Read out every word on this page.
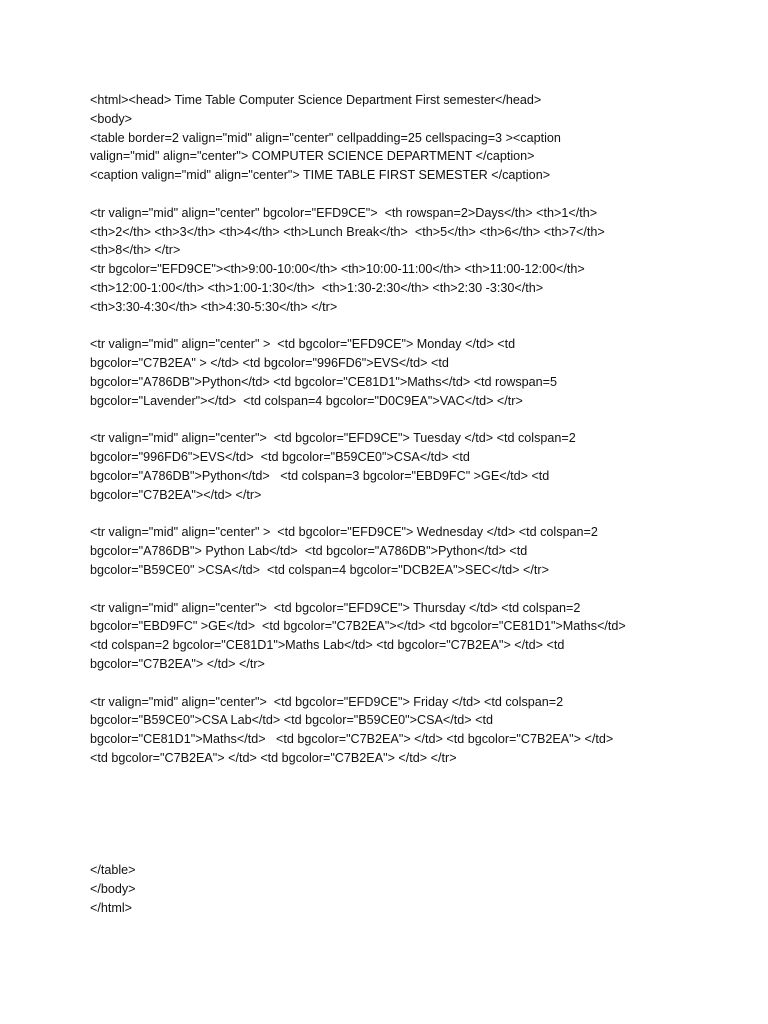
<html><head> Time Table Computer Science Department First semester</head>
<body>
<table border=2 valign="mid" align="center" cellpadding=25 cellspacing=3 ><caption
valign="mid" align="center"> COMPUTER SCIENCE DEPARTMENT </caption>
<caption valign="mid" align="center"> TIME TABLE FIRST SEMESTER </caption>
<tr valign="mid" align="center" bgcolor="EFD9CE">  <th rowspan=2>Days</th> <th>1</th>
<th>2</th> <th>3</th> <th>4</th> <th>Lunch Break</th>  <th>5</th> <th>6</th> <th>7</th>
<th>8</th> </tr>
<tr bgcolor="EFD9CE"><th>9:00-10:00</th> <th>10:00-11:00</th> <th>11:00-12:00</th>
<th>12:00-1:00</th> <th>1:00-1:30</th>  <th>1:30-2:30</th> <th>2:30 -3:30</th>
<th>3:30-4:30</th> <th>4:30-5:30</th> </tr>
<tr valign="mid" align="center" >  <td bgcolor="EFD9CE"> Monday </td> <td
bgcolor="C7B2EA" > </td> <td bgcolor="996FD6">EVS</td> <td
bgcolor="A786DB">Python</td> <td bgcolor="CE81D1">Maths</td> <td rowspan=5
bgcolor="Lavender"></td>  <td colspan=4 bgcolor="D0C9EA">VAC</td> </tr>
<tr valign="mid" align="center">  <td bgcolor="EFD9CE"> Tuesday </td> <td colspan=2
bgcolor="996FD6">EVS</td>  <td bgcolor="B59CE0">CSA</td> <td
bgcolor="A786DB">Python</td>   <td colspan=3 bgcolor="EBD9FC" >GE</td> <td
bgcolor="C7B2EA"></td> </tr>
<tr valign="mid" align="center" >  <td bgcolor="EFD9CE"> Wednesday </td> <td colspan=2
bgcolor="A786DB"> Python Lab</td>  <td bgcolor="A786DB">Python</td> <td
bgcolor="B59CE0" >CSA</td>  <td colspan=4 bgcolor="DCB2EA">SEC</td> </tr>
<tr valign="mid" align="center">  <td bgcolor="EFD9CE"> Thursday </td> <td colspan=2
bgcolor="EBD9FC" >GE</td>  <td bgcolor="C7B2EA"></td> <td bgcolor="CE81D1">Maths</td>
<td colspan=2 bgcolor="CE81D1">Maths Lab</td> <td bgcolor="C7B2EA"> </td> <td
bgcolor="C7B2EA"> </td> </tr>
<tr valign="mid" align="center">  <td bgcolor="EFD9CE"> Friday </td> <td colspan=2
bgcolor="B59CE0">CSA Lab</td> <td bgcolor="B59CE0">CSA</td> <td
bgcolor="CE81D1">Maths</td>   <td bgcolor="C7B2EA"> </td> <td bgcolor="C7B2EA"> </td>
<td bgcolor="C7B2EA"> </td> <td bgcolor="C7B2EA"> </td> </tr>
</table>
</body>
</html>
